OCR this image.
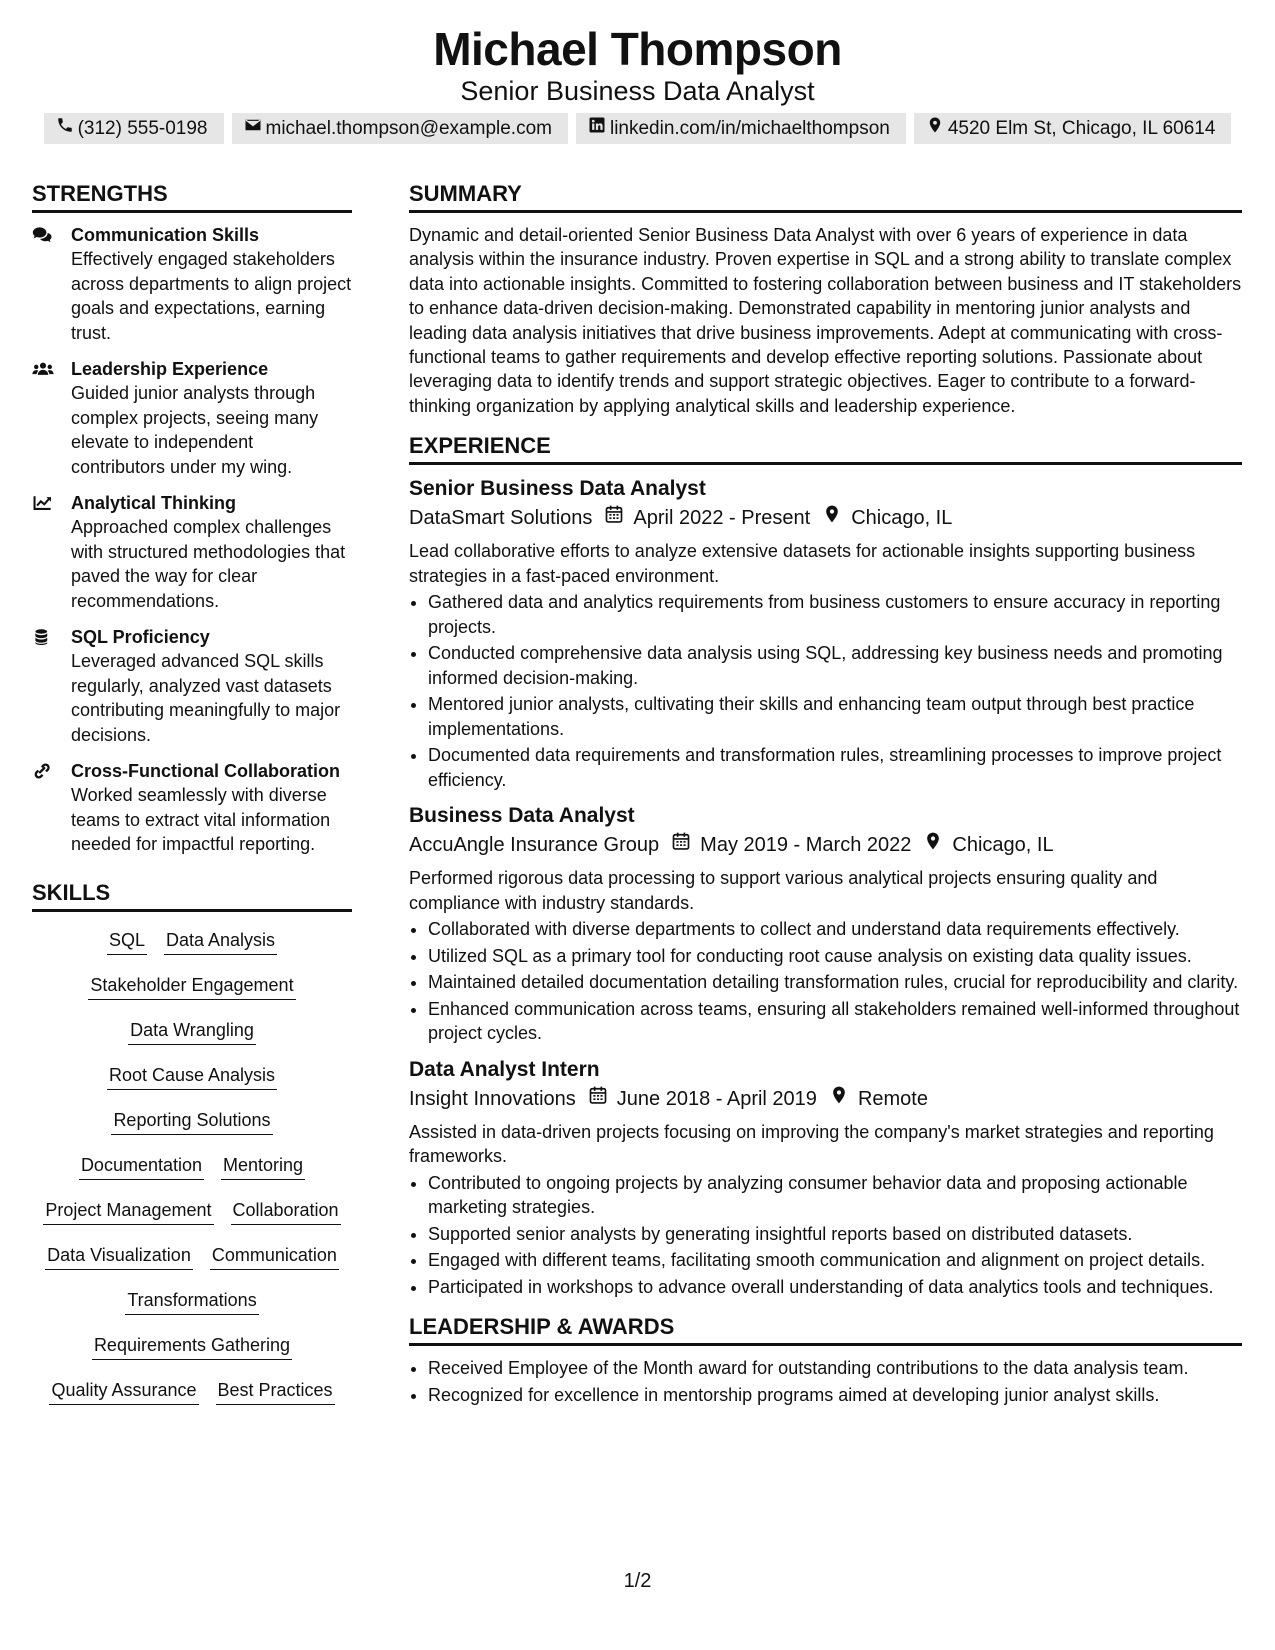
Michael Thompson
Senior Business Data Analyst
(312) 555-0198	michael.thompson@example.com	linkedin.com/in/michaelthompson	4520 Elm St, Chicago, IL 60614
STRENGTHS
Communication Skills
Effectively engaged stakeholders across departments to align project goals and expectations, earning trust.
Leadership Experience
Guided junior analysts through complex projects, seeing many elevate to independent contributors under my wing.
Analytical Thinking
Approached complex challenges with structured methodologies that paved the way for clear recommendations.
SQL Proficiency
Leveraged advanced SQL skills regularly, analyzed vast datasets contributing meaningfully to major decisions.
Cross-Functional Collaboration
Worked seamlessly with diverse teams to extract vital information needed for impactful reporting.
SKILLS
SQL Data Analysis
Stakeholder Engagement
Data Wrangling
Root Cause Analysis
Reporting Solutions
Documentation Mentoring
Project Management Collaboration
Data Visualization Communication
Transformations
Requirements Gathering
Quality Assurance Best Practices
SUMMARY
Dynamic and detail-oriented Senior Business Data Analyst with over 6 years of experience in data analysis within the insurance industry. Proven expertise in SQL and a strong ability to translate complex data into actionable insights. Committed to fostering collaboration between business and IT stakeholders to enhance data-driven decision-making. Demonstrated capability in mentoring junior analysts and leading data analysis initiatives that drive business improvements. Adept at communicating with cross-functional teams to gather requirements and develop effective reporting solutions. Passionate about leveraging data to identify trends and support strategic objectives. Eager to contribute to a forward-thinking organization by applying analytical skills and leadership experience.
EXPERIENCE
Senior Business Data Analyst
DataSmart Solutions April 2022 - Present Chicago, IL
Lead collaborative efforts to analyze extensive datasets for actionable insights supporting business strategies in a fast-paced environment.
• Gathered data and analytics requirements from business customers to ensure accuracy in reporting projects.
• Conducted comprehensive data analysis using SQL, addressing key business needs and promoting informed decision-making.
• Mentored junior analysts, cultivating their skills and enhancing team output through best practice implementations.
• Documented data requirements and transformation rules, streamlining processes to improve project efficiency.
Business Data Analyst
AccuAngle Insurance Group May 2019 - March 2022 Chicago, IL
Performed rigorous data processing to support various analytical projects ensuring quality and compliance with industry standards.
• Collaborated with diverse departments to collect and understand data requirements effectively.
• Utilized SQL as a primary tool for conducting root cause analysis on existing data quality issues.
• Maintained detailed documentation detailing transformation rules, crucial for reproducibility and clarity.
• Enhanced communication across teams, ensuring all stakeholders remained well-informed throughout project cycles.
Data Analyst Intern
Insight Innovations June 2018 - April 2019 Remote
Assisted in data-driven projects focusing on improving the company's market strategies and reporting frameworks.
• Contributed to ongoing projects by analyzing consumer behavior data and proposing actionable marketing strategies.
• Supported senior analysts by generating insightful reports based on distributed datasets.
• Engaged with different teams, facilitating smooth communication and alignment on project details.
• Participated in workshops to advance overall understanding of data analytics tools and techniques.
LEADERSHIP & AWARDS
• Received Employee of the Month award for outstanding contributions to the data analysis team.
• Recognized for excellence in mentorship programs aimed at developing junior analyst skills.
1/2
